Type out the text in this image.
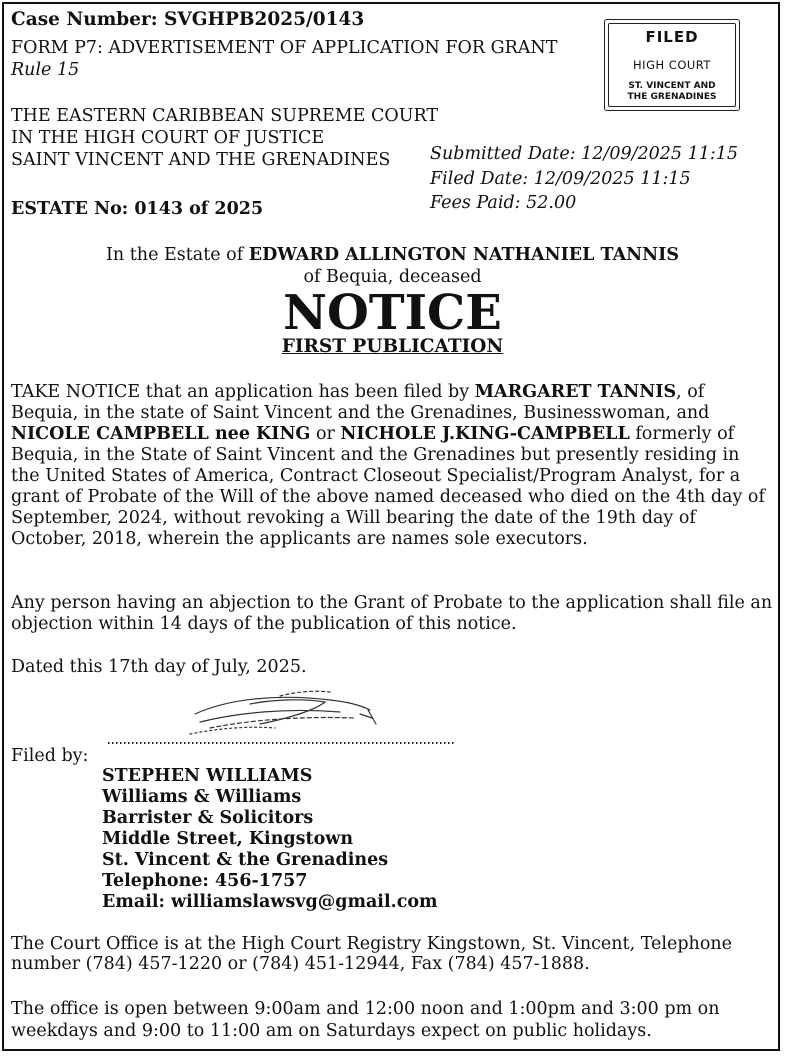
Case Number: SVGHPB2025/0143
FORM P7: ADVERTISEMENT OF APPLICATION FOR GRANT
Rule 15
THE EASTERN CARIBBEAN SUPREME COURT
IN THE HIGH COURT OF JUSTICE
SAINT VINCENT AND THE GRENADINES
ESTATE No: 0143 of 2025
Submitted Date: 12/09/2025 11:15
Filed Date: 12/09/2025 11:15
Fees Paid: 52.00
FILED
HIGH COURT
ST. VINCENT AND
THE GRENADINES
In the Estate of EDWARD ALLINGTON NATHANIEL TANNIS
of Bequia, deceased
NOTICE
FIRST PUBLICATION
TAKE NOTICE that an application has been filed by MARGARET TANNIS, of Bequia, in the state of Saint Vincent and the Grenadines, Businesswoman, and NICOLE CAMPBELL nee KING or NICHOLE J.KING-CAMPBELL formerly of Bequia, in the State of Saint Vincent and the Grenadines but presently residing in the United States of America, Contract Closeout Specialist/Program Analyst, for a grant of Probate of the Will of the above named deceased who died on the 4th day of September, 2024, without revoking a Will bearing the date of the 19th day of October, 2018, wherein the applicants are names sole executors.
Any person having an abjection to the Grant of Probate to the application shall file an objection within 14 days of the publication of this notice.
Dated this 17th day of July, 2025.
Filed by:
STEPHEN WILLIAMS
Williams & Williams
Barrister & Solicitors
Middle Street, Kingstown
St. Vincent & the Grenadines
Telephone: 456-1757
Email: williamslawsvg@gmail.com
The Court Office is at the High Court Registry Kingstown, St. Vincent, Telephone number (784) 457-1220 or (784) 451-12944, Fax (784) 457-1888.
The office is open between 9:00am and 12:00 noon and 1:00pm and 3:00 pm on weekdays and 9:00 to 11:00 am on Saturdays expect on public holidays.
